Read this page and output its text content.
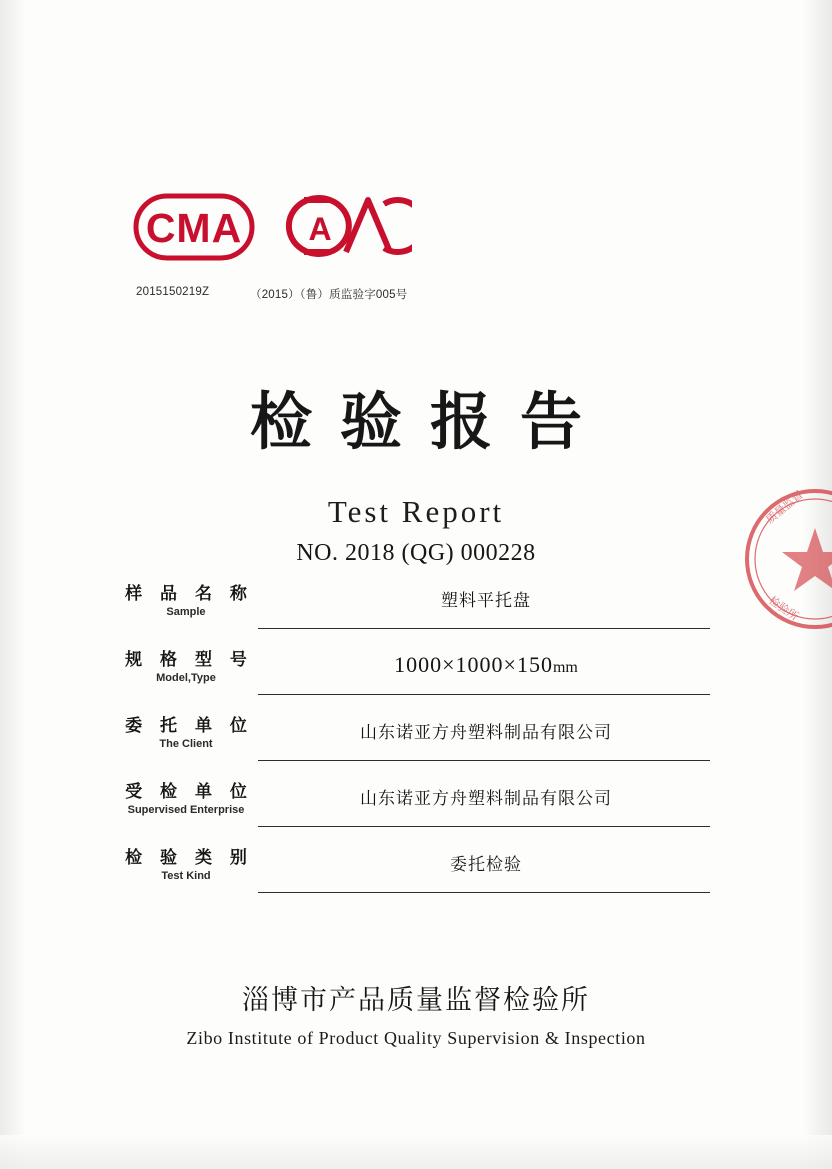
CMA A
2015150219Z	（2015）（鲁）质监验字005号
质量监督
检验所
检验报告
Test Report
NO. 2018 (QG) 000228
样 品 名 称
Sample
塑料平托盘
规 格 型 号
Model,Type
1000×1000×150mm
委 托 单 位
The Client
山东诺亚方舟塑料制品有限公司
受 检 单 位
Supervised Enterprise
山东诺亚方舟塑料制品有限公司
检 验 类 别
Test Kind
委托检验
淄博市产品质量监督检验所
Zibo Institute of Product Quality Supervision & Inspection
